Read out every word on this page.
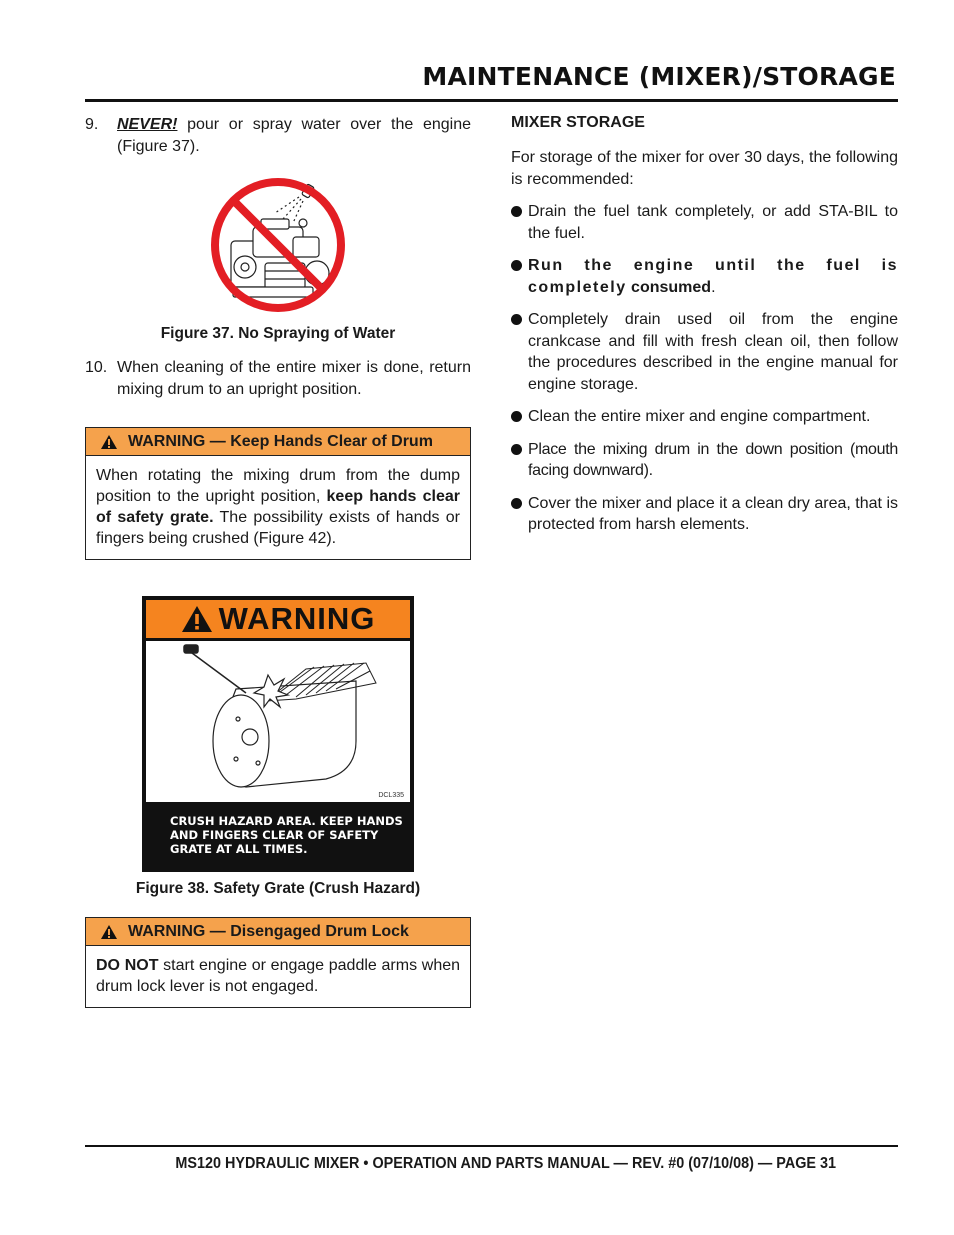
MAINTENANCE (MIXER)/STORAGE
9. NEVER! pour or spray water over the engine (Figure 37).
Figure 37. No Spraying of Water
10. When cleaning of the entire mixer is done, return mixing drum to an upright position.
WARNING — Keep Hands Clear of Drum
When rotating the mixing drum from the dump position to the upright position, keep hands clear of safety grate. The possibility exists of hands or fingers being crushed (Figure 42).
WARNING
DCL335
CRUSH HAZARD AREA. KEEP HANDS
AND FINGERS CLEAR OF SAFETY
GRATE AT ALL TIMES.
Figure 38. Safety Grate (Crush Hazard)
WARNING — Disengaged Drum Lock
DO NOT start engine or engage paddle arms when drum lock lever is not engaged.
MIXER STORAGE
For storage of the mixer for over 30 days, the following is recommended:
Drain the fuel tank completely, or add STA-BIL to the fuel.
Run the engine until the fuel is completely consumed.
Completely drain used oil from the engine crankcase and fill with fresh clean oil, then follow the procedures described in the engine manual for engine storage.
Clean the entire mixer and engine compartment.
Place the mixing drum in the down position (mouth facing downward).
Cover the mixer and place it a clean dry area, that is protected from harsh elements.
MS120 HYDRAULIC MIXER • OPERATION AND PARTS MANUAL — REV. #0 (07/10/08) — PAGE 31
